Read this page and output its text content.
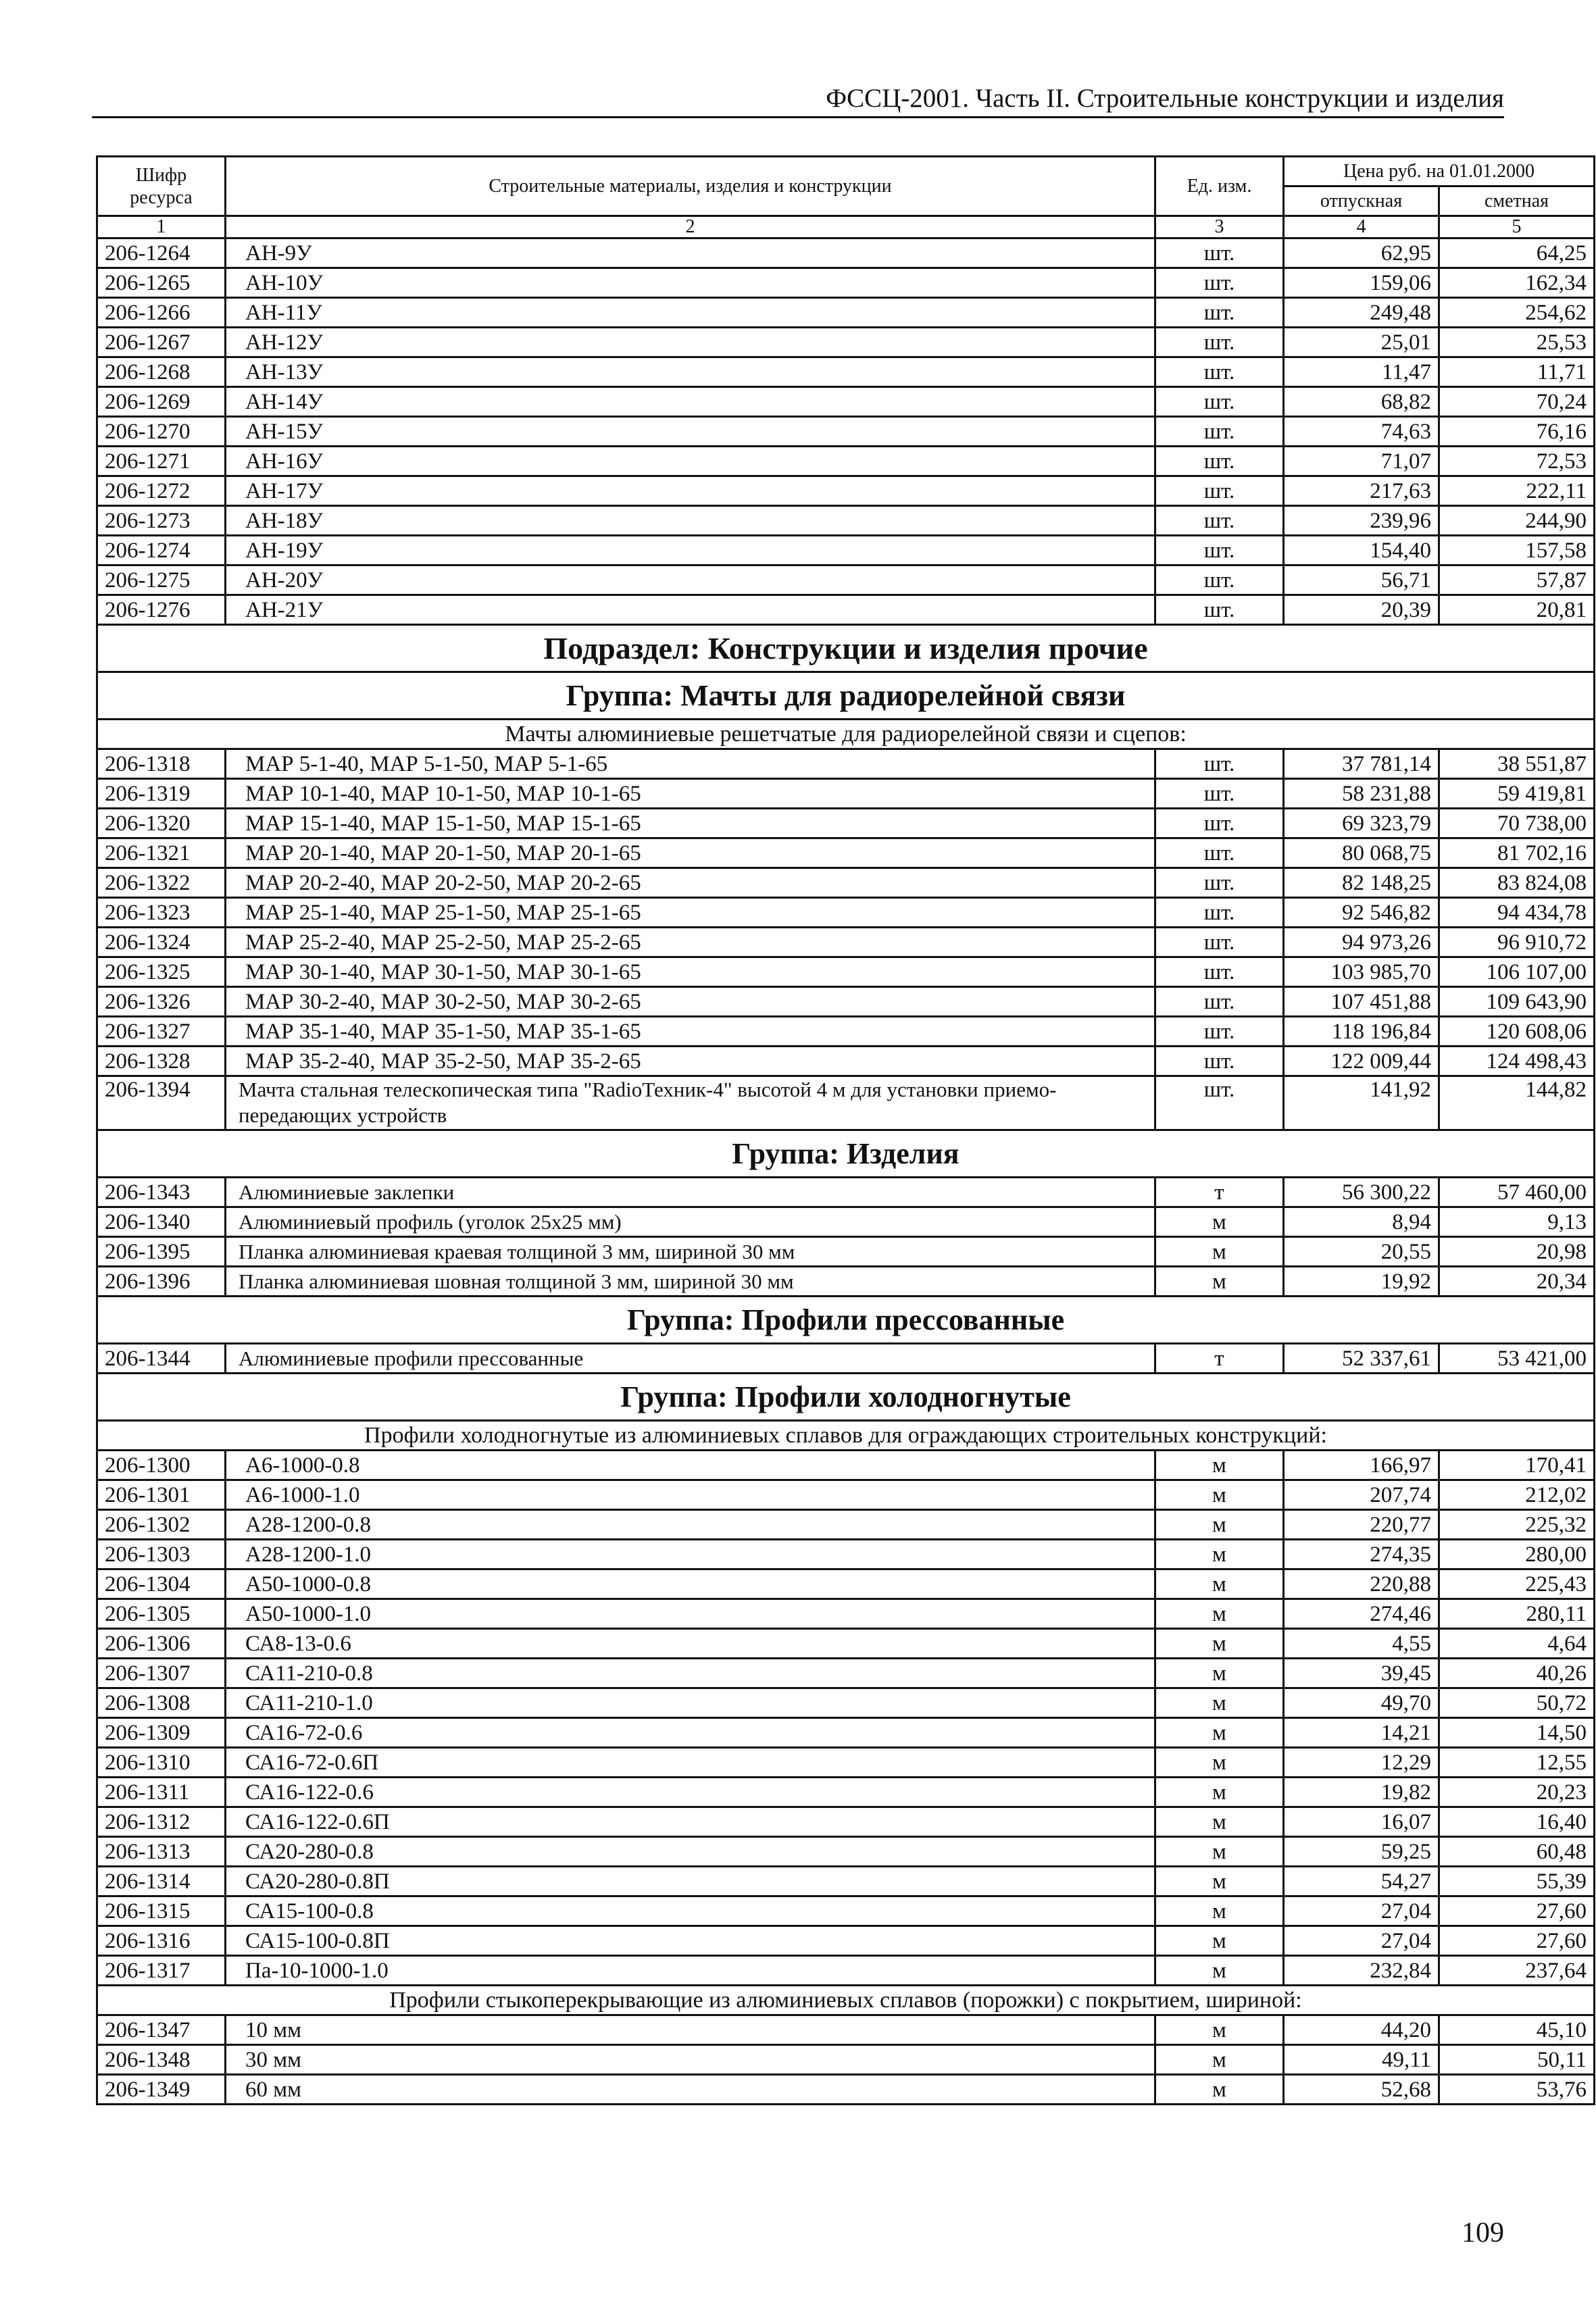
ФССЦ-2001. Часть II. Строительные конструкции и изделия
Шифр ресурса	Строительные материалы, изделия и конструкции	Ед. изм.	Цена руб. на 01.01.2000	
			отпускная	сметная
1	2	3	4	5
206-1264	АН-9У	шт.	62,95	64,25
206-1265	АН-10У	шт.	159,06	162,34
206-1266	АН-11У	шт.	249,48	254,62
206-1267	АН-12У	шт.	25,01	25,53
206-1268	АН-13У	шт.	11,47	11,71
206-1269	АН-14У	шт.	68,82	70,24
206-1270	АН-15У	шт.	74,63	76,16
206-1271	АН-16У	шт.	71,07	72,53
206-1272	АН-17У	шт.	217,63	222,11
206-1273	АН-18У	шт.	239,96	244,90
206-1274	АН-19У	шт.	154,40	157,58
206-1275	АН-20У	шт.	56,71	57,87
206-1276	АН-21У	шт.	20,39	20,81
Подраздел: Конструкции и изделия прочие				
Группа: Мачты для радиорелейной связи				
Мачты алюминиевые решетчатые для радиорелейной связи и сцепов:				
206-1318	МАР 5-1-40, МАР 5-1-50, МАР 5-1-65	шт.	37 781,14	38 551,87
206-1319	МАР 10-1-40, МАР 10-1-50, МАР 10-1-65	шт.	58 231,88	59 419,81
206-1320	МАР 15-1-40, МАР 15-1-50, МАР 15-1-65	шт.	69 323,79	70 738,00
206-1321	МАР 20-1-40, МАР 20-1-50, МАР 20-1-65	шт.	80 068,75	81 702,16
206-1322	МАР 20-2-40, МАР 20-2-50, МАР 20-2-65	шт.	82 148,25	83 824,08
206-1323	МАР 25-1-40, МАР 25-1-50, МАР 25-1-65	шт.	92 546,82	94 434,78
206-1324	МАР 25-2-40, МАР 25-2-50, МАР 25-2-65	шт.	94 973,26	96 910,72
206-1325	МАР 30-1-40, МАР 30-1-50, МАР 30-1-65	шт.	103 985,70	106 107,00
206-1326	МАР 30-2-40, МАР 30-2-50, МАР 30-2-65	шт.	107 451,88	109 643,90
206-1327	МАР 35-1-40, МАР 35-1-50, МАР 35-1-65	шт.	118 196,84	120 608,06
206-1328	МАР 35-2-40, МАР 35-2-50, МАР 35-2-65	шт.	122 009,44	124 498,43
206-1394	Мачта стальная телескопическая типа "RadioТехник-4" высотой 4 м для установки приемо-передающих устройств	шт.	141,92	144,82
Группа: Изделия				
206-1343	Алюминиевые заклепки	т	56 300,22	57 460,00
206-1340	Алюминиевый профиль (уголок 25х25 мм)	м	8,94	9,13
206-1395	Планка алюминиевая краевая толщиной 3 мм, шириной 30 мм	м	20,55	20,98
206-1396	Планка алюминиевая шовная толщиной 3 мм, шириной 30 мм	м	19,92	20,34
Группа: Профили прессованные				
206-1344	Алюминиевые профили прессованные	т	52 337,61	53 421,00
Группа: Профили холодногнутые				
Профили холодногнутые из алюминиевых сплавов для ограждающих строительных конструкций:				
206-1300	А6-1000-0.8	м	166,97	170,41
206-1301	А6-1000-1.0	м	207,74	212,02
206-1302	А28-1200-0.8	м	220,77	225,32
206-1303	А28-1200-1.0	м	274,35	280,00
206-1304	А50-1000-0.8	м	220,88	225,43
206-1305	А50-1000-1.0	м	274,46	280,11
206-1306	СА8-13-0.6	м	4,55	4,64
206-1307	СА11-210-0.8	м	39,45	40,26
206-1308	СА11-210-1.0	м	49,70	50,72
206-1309	СА16-72-0.6	м	14,21	14,50
206-1310	СА16-72-0.6П	м	12,29	12,55
206-1311	СА16-122-0.6	м	19,82	20,23
206-1312	СА16-122-0.6П	м	16,07	16,40
206-1313	СА20-280-0.8	м	59,25	60,48
206-1314	СА20-280-0.8П	м	54,27	55,39
206-1315	СА15-100-0.8	м	27,04	27,60
206-1316	СА15-100-0.8П	м	27,04	27,60
206-1317	Па-10-1000-1.0	м	232,84	237,64
Профили стыкоперекрывающие из алюминиевых сплавов (порожки) с покрытием, шириной:				
206-1347	10 мм	м	44,20	45,10
206-1348	30 мм	м	49,11	50,11
206-1349	60 мм	м	52,68	53,76
109
